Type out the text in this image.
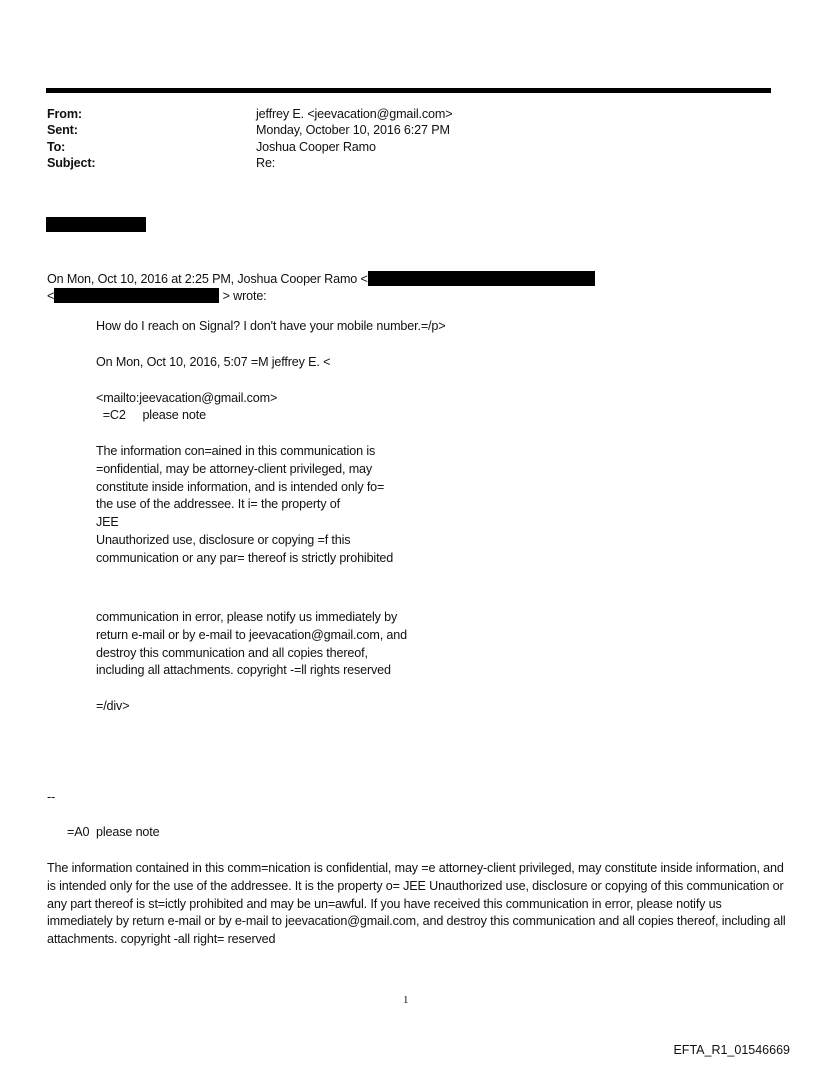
From:	jeffrey E. <jeevacation@gmail.com>
Sent:	Monday, October 10, 2016 6:27 PM
To:	Joshua Cooper Ramo
Subject:	Re:
On Mon, Oct 10, 2016 at 2:25 PM, Joshua Cooper Ramo <
<	> wrote:
How do I reach on Signal? I don't have your mobile number.=/p>
On Mon, Oct 10, 2016, 5:07 =M jeffrey E. <
<mailto:jeevacation@gmail.com>
=C2     please note
The information con=ained in this communication is
=onfidential, may be attorney-client privileged, may
constitute inside information, and is intended only fo=
the use of the addressee. It i= the property of
JEE
Unauthorized use, disclosure or copying =f this
communication or any par= thereof is strictly prohibited
communication in error, please notify us immediately by
return e-mail or by e-mail to jeevacation@gmail.com, and
destroy this communication and all copies thereof,
including all attachments. copyright -=ll rights reserved
=/div>
--
=A0  please note
The information contained in this comm=nication is confidential, may =e attorney-client privileged, may constitute inside information, and is intended only for the use of the addressee. It is the property o= JEE Unauthorized use, disclosure or copying of this communication or any part thereof is st=ictly prohibited and may be un=awful. If you have received this communication in error, please notify us immediately by return e-mail or by e-mail to jeevacation@gmail.com, and destroy this communication and all copies thereof, including all attachments. copyright -all right= reserved
1
EFTA_R1_01546669
